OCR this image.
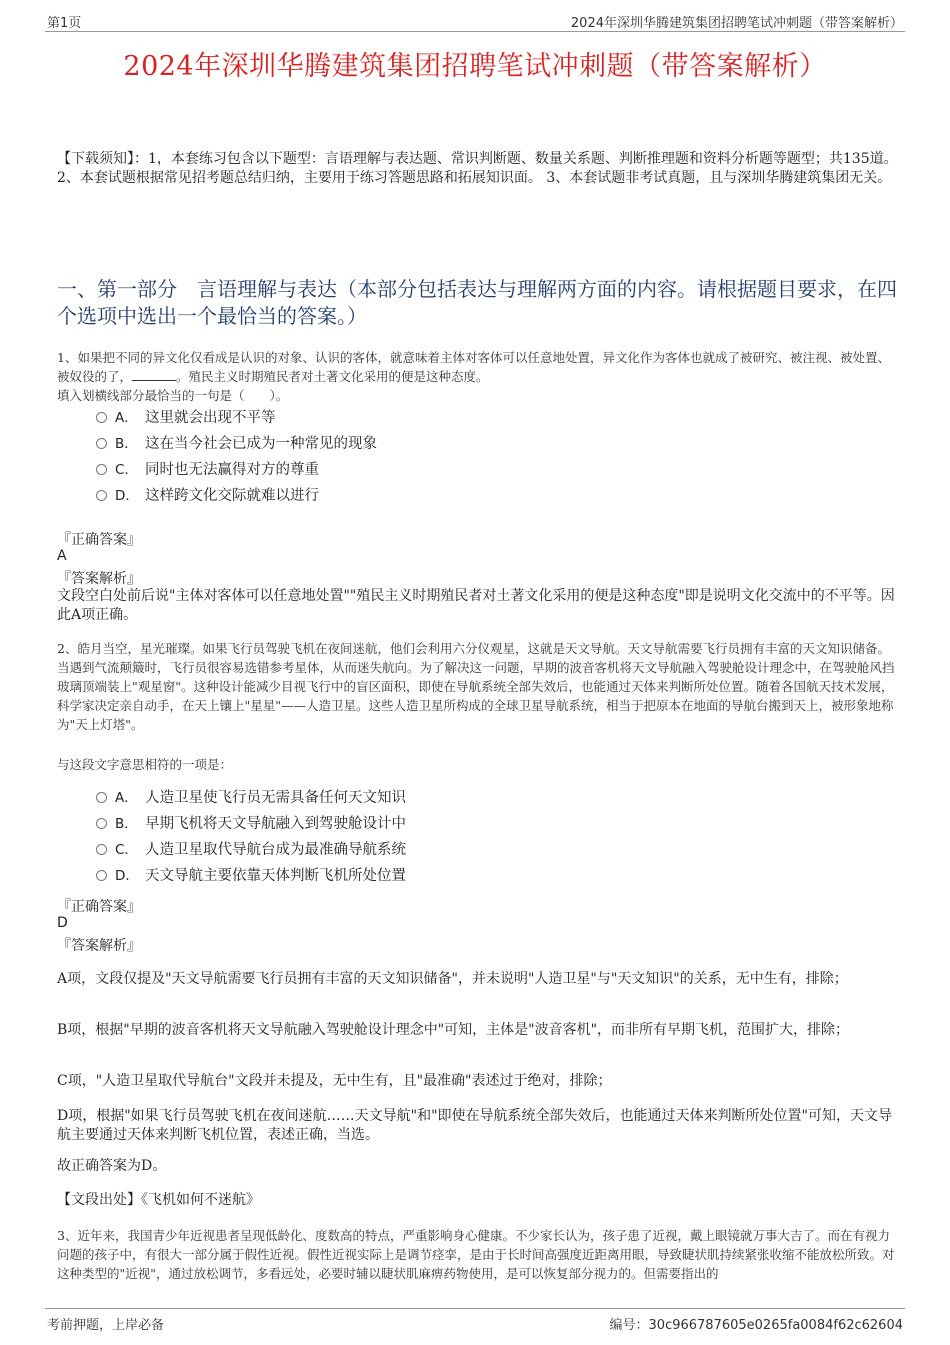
第1页	2024年深圳华腾建筑集团招聘笔试冲刺题（带答案解析）
2024年深圳华腾建筑集团招聘笔试冲刺题（带答案解析）
【下载须知】：1，本套练习包含以下题型：言语理解与表达题、常识判断题、数量关系题、判断推理题和资料分析题等题型；共135道。 2、本套试题根据常见招考题总结归纳，主要用于练习答题思路和拓展知识面。 3、本套试题非考试真题，且与深圳华腾建筑集团无关。
一、第一部分　言语理解与表达（本部分包括表达与理解两方面的内容。请根据题目要求，在四个选项中选出一个最恰当的答案。）
1、如果把不同的异文化仅看成是认识的对象、认识的客体，就意味着主体对客体可以任意地处置，异文化作为客体也就成了被研究、被注视、被处置、被奴役的了，	。殖民主义时期殖民者对土著文化采用的便是这种态度。
填入划横线部分最恰当的一句是（　　）。
A． 这里就会出现不平等
B． 这在当今社会已成为一种常见的现象
C． 同时也无法赢得对方的尊重
D． 这样跨文化交际就难以进行
『正确答案』
A
『答案解析』
文段空白处前后说"主体对客体可以任意地处置""殖民主义时期殖民者对土著文化采用的便是这种态度"即是说明文化交流中的不平等。因此A项正确。
2、皓月当空，星光璀璨。如果飞行员驾驶飞机在夜间迷航，他们会利用六分仪观星，这就是天文导航。天文导航需要飞行员拥有丰富的天文知识储备。当遇到气流颠簸时，飞行员很容易选错参考星体，从而迷失航向。为了解决这一问题，早期的波音客机将天文导航融入驾驶舱设计理念中，在驾驶舱风挡玻璃顶端装上"观星窗"。这种设计能减少目视飞行中的盲区面积，即使在导航系统全部失效后，也能通过天体来判断所处位置。随着各国航天技术发展，科学家决定亲自动手，在天上镶上"星星"——人造卫星。这些人造卫星所构成的全球卫星导航系统，相当于把原本在地面的导航台搬到天上，被形象地称为"天上灯塔"。
与这段文字意思相符的一项是：
A． 人造卫星使飞行员无需具备任何天文知识
B． 早期飞机将天文导航融入到驾驶舱设计中
C． 人造卫星取代导航台成为最准确导航系统
D． 天文导航主要依靠天体判断飞机所处位置
『正确答案』
D
『答案解析』
A项，文段仅提及"天文导航需要飞行员拥有丰富的天文知识储备"，并未说明"人造卫星"与"天文知识"的关系，无中生有，排除；
B项，根据"早期的波音客机将天文导航融入驾驶舱设计理念中"可知，主体是"波音客机"，而非所有早期飞机，范围扩大，排除；
C项，"人造卫星取代导航台"文段并未提及，无中生有，且"最准确"表述过于绝对，排除；
D项，根据"如果飞行员驾驶飞机在夜间迷航……天文导航"和"即使在导航系统全部失效后，也能通过天体来判断所处位置"可知，天文导航主要通过天体来判断飞机位置，表述正确，当选。
故正确答案为D。
【文段出处】《飞机如何不迷航》
3、近年来，我国青少年近视患者呈现低龄化、度数高的特点，严重影响身心健康。不少家长认为，孩子患了近视，戴上眼镜就万事大吉了。而在有视力问题的孩子中，有很大一部分属于假性近视。假性近视实际上是调节痉挛，是由于长时间高强度近距离用眼，导致睫状肌持续紧张收缩不能放松所致。对这种类型的"近视"，通过放松调节，多看远处，必要时辅以睫状肌麻痹药物使用，是可以恢复部分视力的。但需要指出的
考前押题，上岸必备	编号：30c966787605e0265fa0084f62c62604
